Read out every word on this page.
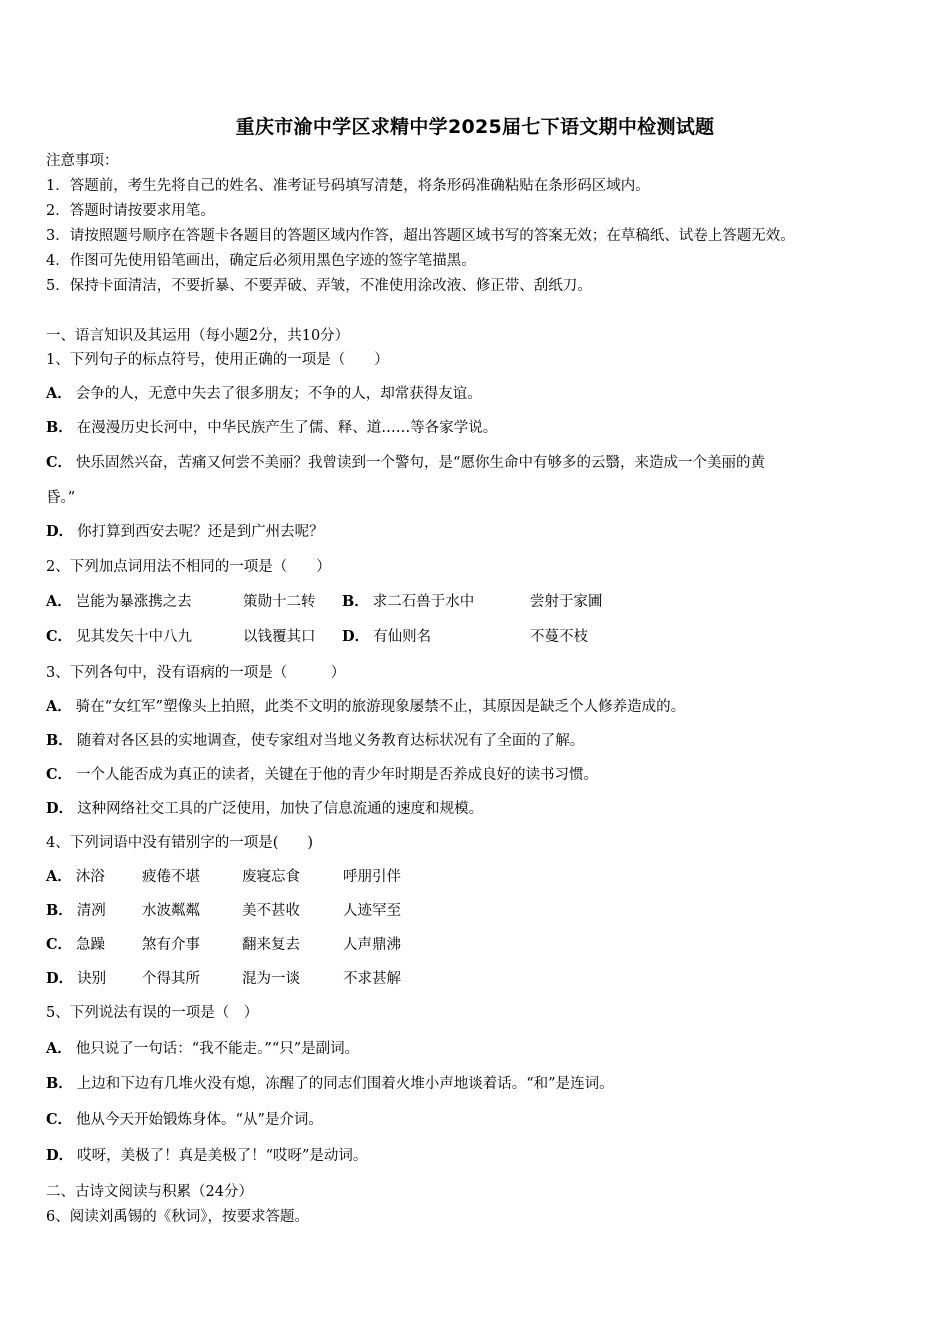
重庆市渝中学区求精中学2025届七下语文期中检测试题
注意事项：
1．答题前，考生先将自己的姓名、准考证号码填写清楚，将条形码准确粘贴在条形码区域内。
2．答题时请按要求用笔。
3．请按照题号顺序在答题卡各题目的答题区域内作答，超出答题区域书写的答案无效；在草稿纸、试卷上答题无效。
4．作图可先使用铅笔画出，确定后必须用黑色字迹的签字笔描黑。
5．保持卡面清洁，不要折暴、不要弄破、弄皱，不准使用涂改液、修正带、刮纸刀。
一、语言知识及其运用（每小题2分，共10分）
1、下列句子的标点符号，使用正确的一项是（　　）
A． 会争的人，无意中失去了很多朋友；不争的人，却常获得友谊。
B． 在漫漫历史长河中，中华民族产生了儒、释、道……等各家学说。
C． 快乐固然兴奋，苦痛又何尝不美丽？我曾读到一个警句，是“愿你生命中有够多的云翳，来造成一个美丽的黄
昏。”
D． 你打算到西安去呢？还是到广州去呢？
2、下列加点词用法不相同的一项是（　　）
A． 岂能为暴涨携之去	策勋十二转 B． 求二石兽于水中	尝射于家圃
C． 见其发矢十中八九	以钱覆其口 D． 有仙则名	不蔓不枝
3、下列各句中，没有语病的一项是（　　　）
A． 骑在“女红军”塑像头上拍照，此类不文明的旅游现象屡禁不止，其原因是缺乏个人修养造成的。
B． 随着对各区县的实地调查，使专家组对当地义务教育达标状况有了全面的了解。
C． 一个人能否成为真正的读者，关键在于他的青少年时期是否养成良好的读书习惯。
D． 这种网络社交工具的广泛使用，加快了信息流通的速度和规模。
4、下列词语中没有错别字的一项是(　　)
A． 沐浴	疲倦不堪	废寝忘食	呼朋引伴
B． 清冽 水波粼粼	美不甚收	人迹罕至
C． 急躁	煞有介事	翻来复去	人声鼎沸
D． 诀别 个得其所	混为一谈	不求甚解
5、下列说法有误的一项是（　）
A． 他只说了一句话：“我不能走。”“只”是副词。
B． 上边和下边有几堆火没有熄，冻醒了的同志们围着火堆小声地谈着话。“和”是连词。
C． 他从今天开始锻炼身体。“从”是介词。
D． 哎呀，美极了！真是美极了！“哎呀”是动词。
二、古诗文阅读与积累（24分）
6、阅读刘禹锡的《秋词》，按要求答题。
